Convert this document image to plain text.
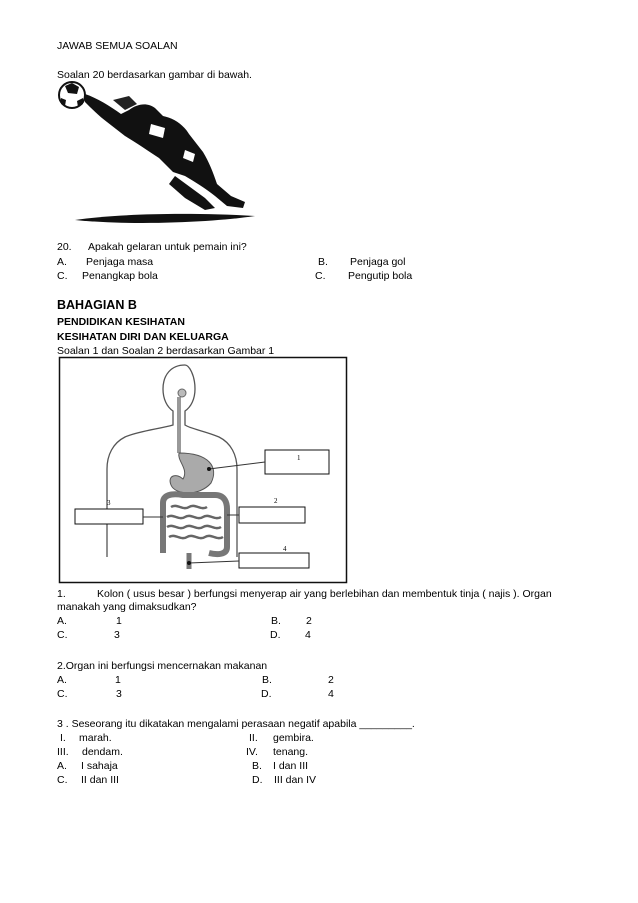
JAWAB SEMUA SOALAN
Soalan 20 berdasarkan gambar di bawah.
20. Apakah gelaran untuk pemain ini?
A. Penjaga masa	B. Penjaga gol
C. Penangkap bola	C. Pengutip bola
BAHAGIAN B
PENDIDIKAN KESIHATAN
KESIHATAN DIRI DAN KELUARGA
Soalan 1 dan Soalan 2 berdasarkan Gambar 1
1
2
3
4
1.	Kolon ( usus besar ) berfungsi menyerap air yang berlebihan dan membentuk tinja ( najis ). Organ
manakah yang dimaksudkan?
A.	1	B. 2
C.	3	D. 4
2.Organ ini berfungsi mencernakan makanan
A.	1	B.	2
C.	3	D.	4
3 . Seseorang itu dikatakan mengalami perasaan negatif apabila _________.
I. marah.	II. gembira.
III. dendam.	IV. tenang.
A. I sahaja	B. I dan III
C. II dan III	D. III dan IV
